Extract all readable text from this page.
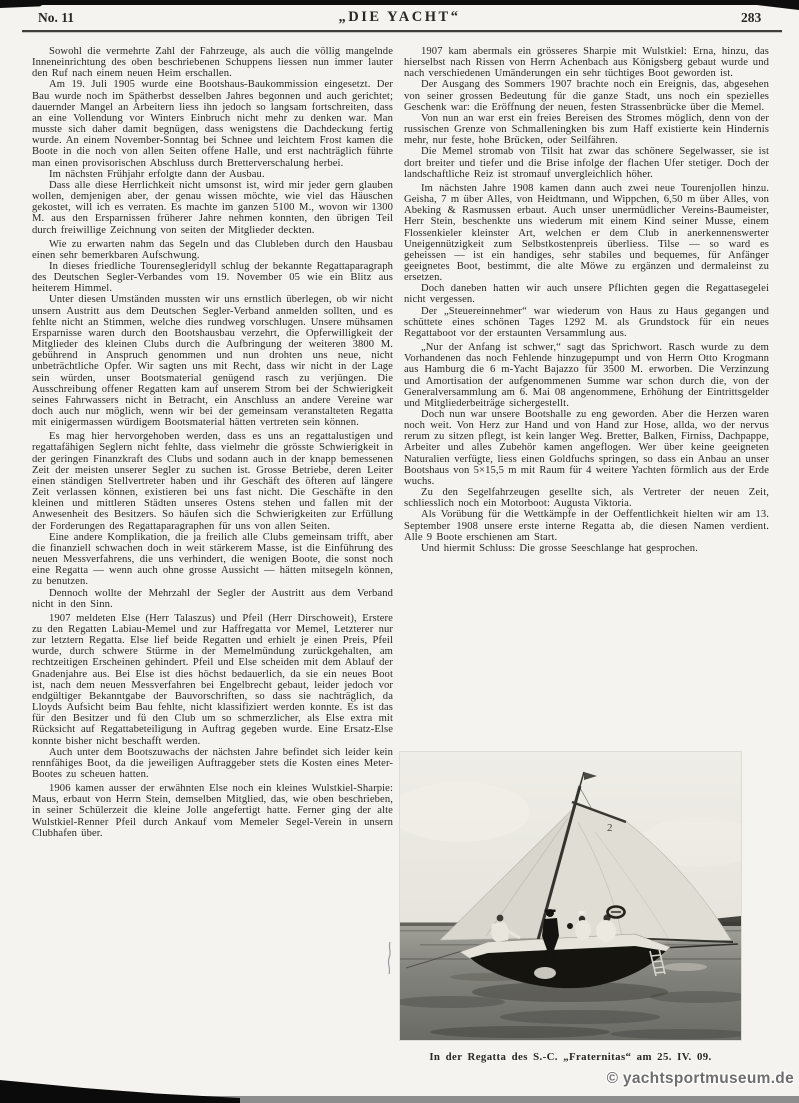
No. 11	„DIE YACHT“	283

Sowohl die vermehrte Zahl der Fahrzeuge, als auch die völlig mangelnde Inneneinrichtung des oben beschriebenen Schuppens liessen nun immer lauter den Ruf nach einem neuen Heim erschallen.

Am 19. Juli 1905 wurde eine Bootshaus-Baukommission eingesetzt. Der Bau wurde noch im Spätherbst desselben Jahres begonnen und auch gerichtet; dauernder Mangel an Arbeitern liess ihn jedoch so langsam fortschreiten, dass an eine Vollendung vor Winters Einbruch nicht mehr zu denken war. Man musste sich daher damit begnügen, dass wenigstens die Dachdeckung fertig wurde. An einem November-Sonntag bei Schnee und leichtem Frost kamen die Boote in die noch von allen Seiten offene Halle, und erst nachträglich führte man einen provisorischen Abschluss durch Bretterverschalung herbei.

Im nächsten Frühjahr erfolgte dann der Ausbau.

Dass alle diese Herrlichkeit nicht umsonst ist, wird mir jeder gern glauben wollen, demjenigen aber, der genau wissen möchte, wie viel das Häuschen gekostet, will ich es verraten. Es machte im ganzen 5100 M., wovon wir 1300 M. aus den Ersparnissen früherer Jahre nehmen konnten, den übrigen Teil durch freiwillige Zeichnung von seiten der Mitglieder deckten.

Wie zu erwarten nahm das Segeln und das Clubleben durch den Hausbau einen sehr bemerkbaren Aufschwung.

In dieses friedliche Tourensegleridyll schlug der bekannte Regattaparagraph des Deutschen Segler-Verbandes vom 19. November 05 wie ein Blitz aus heiterem Himmel.

Unter diesen Umständen mussten wir uns ernstlich überlegen, ob wir nicht unsern Austritt aus dem Deutschen Segler-Verband anmelden sollten, und es fehlte nicht an Stimmen, welche dies rundweg vorschlugen. Unsere mühsamen Ersparnisse waren durch den Bootshausbau verzehrt, die Opferwilligkeit der Mitglieder des kleinen Clubs durch die Aufbringung der weiteren 3800 M. gebührend in Anspruch genommen und nun drohten uns neue, nicht unbeträchtliche Opfer. Wir sagten uns mit Recht, dass wir nicht in der Lage sein würden, unser Bootsmaterial genügend rasch zu verjüngen. Die Ausschreibung offener Regatten kam auf unserem Strom bei der Schwierigkeit seines Fahrwassers nicht in Betracht, ein Anschluss an andere Vereine war doch auch nur möglich, wenn wir bei der gemeinsam veranstalteten Regatta mit einigermassen würdigem Bootsmaterial hätten vertreten sein können.

Es mag hier hervorgehoben werden, dass es uns an regattalustigen und regattafähigen Seglern nicht fehlte, dass vielmehr die grösste Schwierigkeit in der geringen Finanzkraft des Clubs und sodann auch in der knapp bemessenen Zeit der meisten unserer Segler zu suchen ist. Grosse Betriebe, deren Leiter einen ständigen Stellvertreter haben und ihr Geschäft des öfteren auf längere Zeit verlassen können, existieren bei uns fast nicht. Die Geschäfte in den kleinen und mittleren Städten unseres Ostens stehen und fallen mit der Anwesenheit des Besitzers. So häufen sich die Schwierigkeiten zur Erfüllung der Forderungen des Regattaparagraphen für uns von allen Seiten.

Eine andere Komplikation, die ja freilich alle Clubs gemeinsam trifft, aber die finanziell schwachen doch in weit stärkerem Masse, ist die Einführung des neuen Messverfahrens, die uns verhindert, die wenigen Boote, die sonst noch eine Regatta — wenn auch ohne grosse Aussicht — hätten mitsegeln können, zu benutzen.

Dennoch wollte der Mehrzahl der Segler der Austritt aus dem Verband nicht in den Sinn.

1907 meldeten Else (Herr Talaszus) und Pfeil (Herr Dirschoweit), Erstere zu den Regatten Labiau-Memel und zur Haffregatta vor Memel, Letzterer nur zur letztern Regatta. Else lief beide Regatten und erhielt je einen Preis, Pfeil wurde, durch schwere Stürme in der Memelmündung zurückgehalten, am rechtzeitigen Erscheinen gehindert. Pfeil und Else scheiden mit dem Ablauf der Gnadenjahre aus. Bei Else ist dies höchst bedauerlich, da sie ein neues Boot ist, nach dem neuen Messverfahren bei Engelbrecht gebaut, leider jedoch vor endgültiger Bekanntgabe der Bauvorschriften, so dass sie nachträglich, da Lloyds Aufsicht beim Bau fehlte, nicht klassifiziert werden konnte. Es ist das für den Besitzer und fü den Club um so schmerzlicher, als Else extra mit Rücksicht auf Regattabeteiligung in Auftrag gegeben wurde. Eine Ersatz-Else konnte bisher nicht beschafft werden.

Auch unter dem Bootszuwachs der nächsten Jahre befindet sich leider kein rennfähiges Boot, da die jeweiligen Auftraggeber stets die Kosten eines Meter-Bootes zu scheuen hatten.

1906 kamen ausser der erwähnten Else noch ein kleines Wulstkiel-Sharpie: Maus, erbaut von Herrn Stein, demselben Mitglied, das, wie oben beschrieben, in seiner Schülerzeit die kleine Jolle angefertigt hatte. Ferner ging der alte Wulstkiel-Renner Pfeil durch Ankauf vom Memeler Segel-Verein in unsern Clubhafen über.

1907 kam abermals ein grösseres Sharpie mit Wulstkiel: Erna, hinzu, das hierselbst nach Rissen von Herrn Achenbach aus Königsberg gebaut wurde und nach verschiedenen Umänderungen ein sehr tüchtiges Boot geworden ist.

Der Ausgang des Sommers 1907 brachte noch ein Ereignis, das, abgesehen von seiner grossen Bedeutung für die ganze Stadt, uns noch ein spezielles Geschenk war: die Eröffnung der neuen, festen Strassenbrücke über die Memel.

Von nun an war erst ein freies Bereisen des Stromes möglich, denn von der russischen Grenze von Schmalleningken bis zum Haff existierte kein Hindernis mehr, nur feste, hohe Brücken, oder Seilfähren.

Die Memel stromab von Tilsit hat zwar das schönere Segelwasser, sie ist dort breiter und tiefer und die Brise infolge der flachen Ufer stetiger. Doch der landschaftliche Reiz ist stromauf unvergleichlich höher.

Im nächsten Jahre 1908 kamen dann auch zwei neue Tourenjollen hinzu. Geisha, 7 m über Alles, von Heidtmann, und Wippchen, 6,50 m über Alles, von Abeking & Rasmussen erbaut. Auch unser unermüdlicher Vereins-Baumeister, Herr Stein, beschenkte uns wiederum mit einem Kind seiner Musse, einem Flossenkieler kleinster Art, welchen er dem Club in anerkennenswerter Uneigennützigkeit zum Selbstkostenpreis überliess. Tilse — so ward es geheissen — ist ein handiges, sehr stabiles und bequemes, für Anfänger geeignetes Boot, bestimmt, die alte Möwe zu ergänzen und dermaleinst zu ersetzen.

Doch daneben hatten wir auch unsere Pflichten gegen die Regattasegelei nicht vergessen.

Der „Steuereinnehmer“ war wiederum von Haus zu Haus gegangen und schüttete eines schönen Tages 1292 M. als Grundstock für ein neues Regattaboot vor der erstaunten Versammlung aus.

„Nur der Anfang ist schwer,“ sagt das Sprichwort. Rasch wurde zu dem Vorhandenen das noch Fehlende hinzugepumpt und von Herrn Otto Krogmann aus Hamburg die 6 m-Yacht Bajazzo für 3500 M. erworben. Die Verzinzung und Amortisation der aufgenommenen Summe war schon durch die, von der Generalversammlung am 6. Mai 08 angenommene, Erhöhung der Eintrittsgelder und Mitgliederbeiträge sichergestellt.

Doch nun war unsere Bootshalle zu eng geworden. Aber die Herzen waren noch weit. Von Herz zur Hand und von Hand zur Hose, allda, wo der nervus rerum zu sitzen pflegt, ist kein langer Weg. Bretter, Balken, Firniss, Dachpappe, Arbeiter und alles Zubehör kamen angeflogen. Wer über keine geeigneten Naturalien verfügte, liess einen Goldfuchs springen, so dass ein Anbau an unser Bootshaus von 5×15,5 m mit Raum für 4 weitere Yachten förmlich aus der Erde wuchs.

Zu den Segelfahrzeugen gesellte sich, als Vertreter der neuen Zeit, schliesslich noch ein Motorboot: Augusta Viktoria.

Als Vorübung für die Wettkämpfe in der Oeffentlichkeit hielten wir am 13. September 1908 unsere erste interne Regatta ab, die diesen Namen verdient. Alle 9 Boote erschienen am Start.

Und hiermit Schluss: Die grosse Seeschlange hat gesprochen.

2
In der Regatta des S.-C. „Fraternitas“ am 25. IV. 09.
© yachtsportmuseum.de
